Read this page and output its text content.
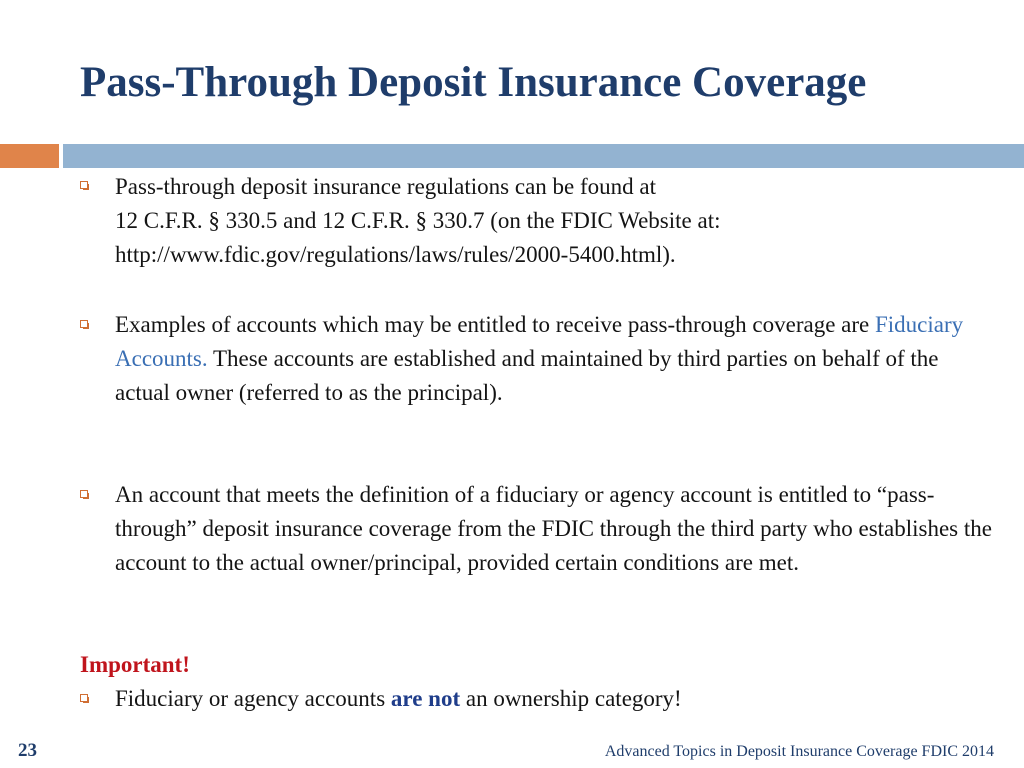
Pass-Through Deposit Insurance Coverage
Pass-through deposit insurance regulations can be found at
12 C.F.R. § 330.5 and 12 C.F.R. § 330.7 (on the FDIC Website at:
http://www.fdic.gov/regulations/laws/rules/2000-5400.html).
Examples of accounts which may be entitled to receive pass-through coverage are Fiduciary Accounts. These accounts are established and maintained by third parties on behalf of the actual owner (referred to as the principal).
An account that meets the definition of a fiduciary or agency account is entitled to “pass-through” deposit insurance coverage from the FDIC through the third party who establishes the account to the actual owner/principal, provided certain conditions are met.
Important!
Fiduciary or agency accounts are not an ownership category!
23	Advanced Topics in Deposit Insurance Coverage FDIC 2014
